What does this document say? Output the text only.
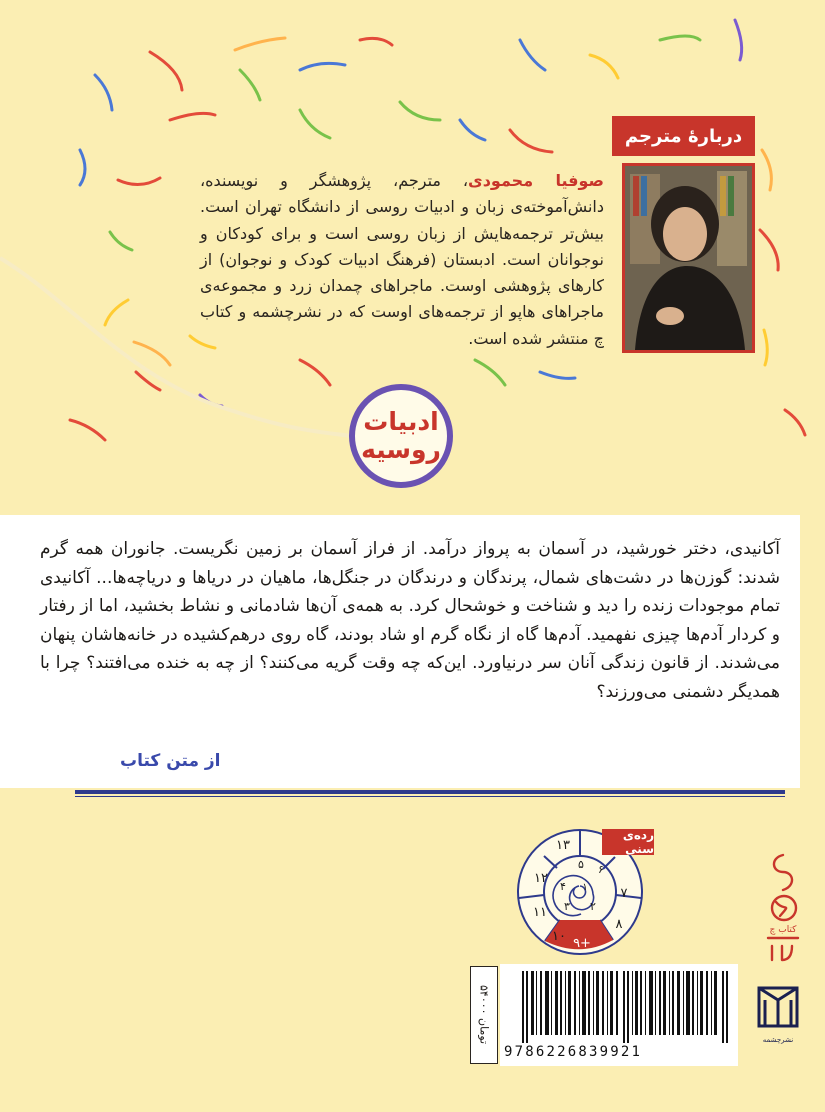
دربارهٔ مترجم
صوفیا محمودی، مترجم، پژوهشگر و نویسنده، دانش‌آموخته‌ی زبان و ادبیات روسی از دانشگاه تهران است. بیش‌تر ترجمه‌هایش از زبان روسی است و برای کودکان و نوجوانان است. ادبستان (فرهنگ ادبیات کودک و نوجوان) از کارهای پژوهشی اوست. ماجراهای چمدان زرد و مجموعه‌ی ماجراهای هاپو از ترجمه‌های اوست که در نشرچشمه و کتاب چ منتشر شده است.
ادبیات
روسیه
آکانیدی، دختر خورشید، در آسمان به پرواز درآمد. از فراز آسمان بر زمین نگریست. جانوران همه گرم شدند: گوزن‌ها در دشت‌های شمال، پرندگان و درندگان در جنگل‌ها، ماهیان در دریاها و دریاچه‌ها... آکانیدی تمام موجودات زنده را دید و شناخت و خوشحال کرد. به همه‌ی آن‌ها شادمانی و نشاط بخشید، اما از رفتار و کردار آدم‌ها چیزی نفهمید. آدم‌ها گاه از نگاه گرم او شاد بودند، گاه روی درهم‌کشیده در خانه‌هاشان پنهان می‌شدند. از قانون زندگی آنان سر درنیاورد. این‌که چه وقت گریه می‌کنند؟ از چه به خنده می‌افتند؟ چرا با همدیگر دشمنی می‌ورزند؟
از متن کتاب
۱۳
۱۲
۱۱
۱۰ ۹+
۸
۷
۶
۵
۴
۳ ۲
۱
رده‌ی سنی
کتاب چ
۵۴۰۰۰ تومان
9786226839921
نشرچشمه
